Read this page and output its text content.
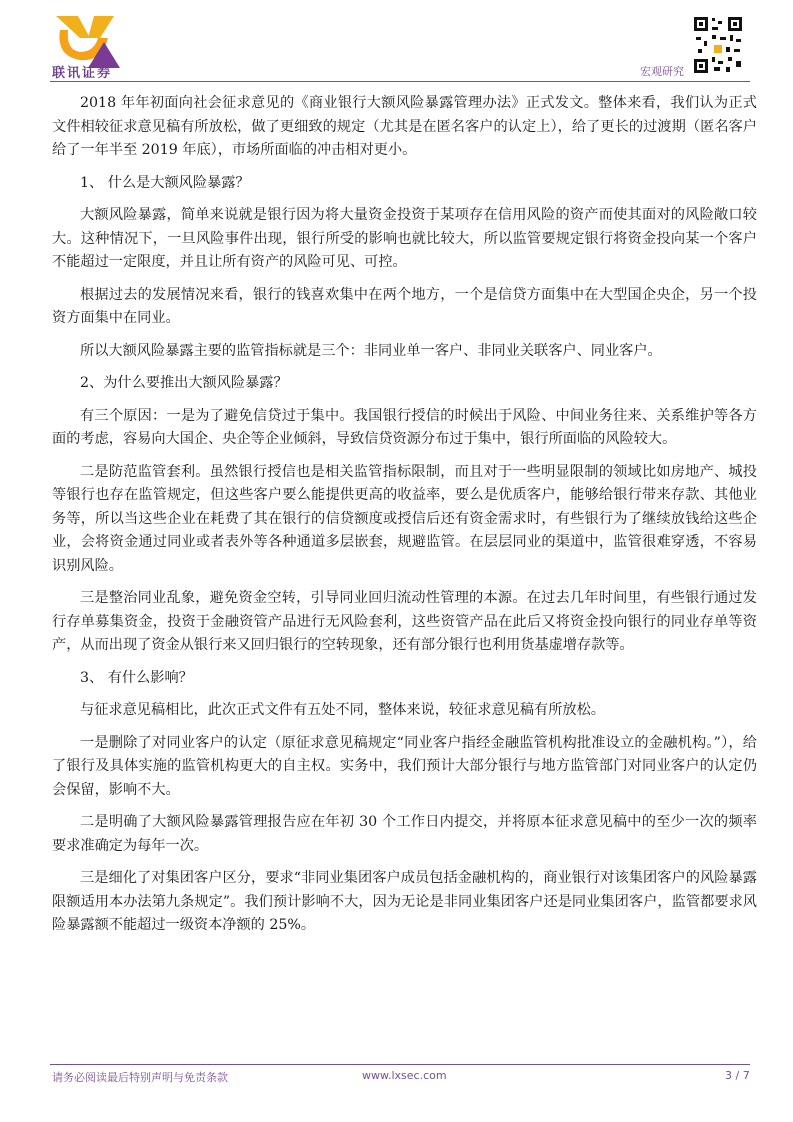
联讯证券	宏观研究

2018 年年初面向社会征求意见的《商业银行大额风险暴露管理办法》正式发文。整体来看，我们认为正式文件相较征求意见稿有所放松，做了更细致的规定（尤其是在匿名客户的认定上），给了更长的过渡期（匿名客户给了一年半至 2019 年底），市场所面临的冲击相对更小。

1、 什么是大额风险暴露？

大额风险暴露，简单来说就是银行因为将大量资金投资于某项存在信用风险的资产而使其面对的风险敞口较大。这种情况下，一旦风险事件出现，银行所受的影响也就比较大，所以监管要规定银行将资金投向某一个客户不能超过一定限度，并且让所有资产的风险可见、可控。

根据过去的发展情况来看，银行的钱喜欢集中在两个地方，一个是信贷方面集中在大型国企央企，另一个投资方面集中在同业。

所以大额风险暴露主要的监管指标就是三个：非同业单一客户、非同业关联客户、同业客户。

2、为什么要推出大额风险暴露？

有三个原因：一是为了避免信贷过于集中。我国银行授信的时候出于风险、中间业务往来、关系维护等各方面的考虑，容易向大国企、央企等企业倾斜，导致信贷资源分布过于集中，银行所面临的风险较大。

二是防范监管套利。虽然银行授信也是相关监管指标限制，而且对于一些明显限制的领域比如房地产、城投等银行也存在监管规定，但这些客户要么能提供更高的收益率，要么是优质客户，能够给银行带来存款、其他业务等，所以当这些企业在耗费了其在银行的信贷额度或授信后还有资金需求时，有些银行为了继续放钱给这些企业，会将资金通过同业或者表外等各种通道多层嵌套，规避监管。在层层同业的渠道中，监管很难穿透，不容易识别风险。

三是整治同业乱象，避免资金空转，引导同业回归流动性管理的本源。在过去几年时间里，有些银行通过发行存单募集资金，投资于金融资管产品进行无风险套利，这些资管产品在此后又将资金投向银行的同业存单等资产，从而出现了资金从银行来又回归银行的空转现象，还有部分银行也利用货基虚增存款等。

3、 有什么影响？

与征求意见稿相比，此次正式文件有五处不同，整体来说，较征求意见稿有所放松。

一是删除了对同业客户的认定（原征求意见稿规定“同业客户指经金融监管机构批准设立的金融机构。”），给了银行及具体实施的监管机构更大的自主权。实务中，我们预计大部分银行与地方监管部门对同业客户的认定仍会保留，影响不大。

二是明确了大额风险暴露管理报告应在年初 30 个工作日内提交，并将原本征求意见稿中的至少一次的频率要求准确定为每年一次。

三是细化了对集团客户区分，要求“非同业集团客户成员包括金融机构的，商业银行对该集团客户的风险暴露限额适用本办法第九条规定”。我们预计影响不大，因为无论是非同业集团客户还是同业集团客户，监管都要求风险暴露额不能超过一级资本净额的 25%。

请务必阅读最后特别声明与免责条款	www.lxsec.com	3 / 7
